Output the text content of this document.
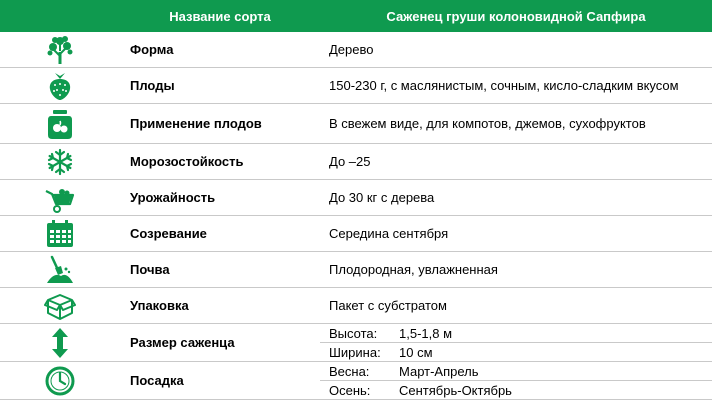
	Название сорта	Саженец груши колоновидной Сапфира
	Форма	Дерево
	Плоды	150-230 г, с маслянистым, сочным, кисло-сладким вкусом
	Применение плодов	В свежем виде, для компотов, джемов, сухофруктов
	Морозостойкость	До –25
	Урожайность	До 30 кг с дерева
	Созревание	Середина сентября
	Почва	Плодородная, увлажненная
	Упаковка	Пакет с субстратом
	Размер саженца	
Высота:	1,5-1,8 м
Ширина:	10 см

	Посадка	
Весна:	Март-Апрель
Осень:	Сентябрь-Октябрь
